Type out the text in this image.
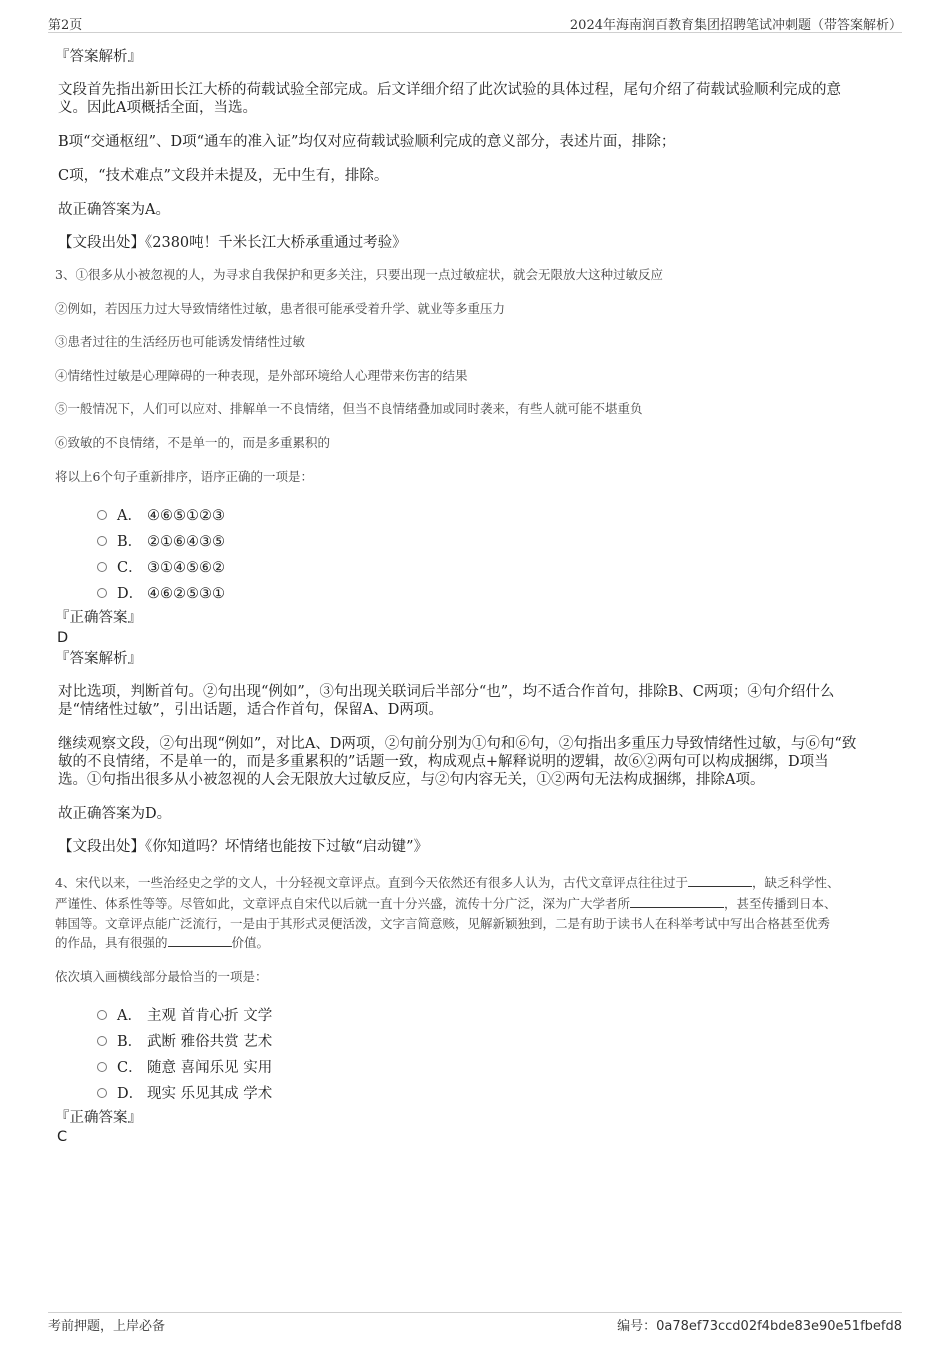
第2页	2024年海南润百教育集团招聘笔试冲刺题（带答案解析）
『答案解析』
文段首先指出新田长江大桥的荷载试验全部完成。后文详细介绍了此次试验的具体过程，尾句介绍了荷载试验顺利完成的意
义。因此A项概括全面，当选。
B项“交通枢纽”、D项“通车的准入证”均仅对应荷载试验顺利完成的意义部分，表述片面，排除；
C项，“技术难点”文段并未提及，无中生有，排除。
故正确答案为A。
【文段出处】《2380吨！千米长江大桥承重通过考验》
3、①很多从小被忽视的人，为寻求自我保护和更多关注，只要出现一点过敏症状，就会无限放大这种过敏反应
②例如，若因压力过大导致情绪性过敏，患者很可能承受着升学、就业等多重压力
③患者过往的生活经历也可能诱发情绪性过敏
④情绪性过敏是心理障碍的一种表现，是外部环境给人心理带来伤害的结果
⑤一般情况下，人们可以应对、排解单一不良情绪，但当不良情绪叠加或同时袭来，有些人就可能不堪重负
⑥致敏的不良情绪，不是单一的，而是多重累积的
将以上6个句子重新排序，语序正确的一项是：
A． ④⑥⑤①②③
B． ②①⑥④③⑤
C． ③①④⑤⑥②
D． ④⑥②⑤③①
『正确答案』
D
『答案解析』
对比选项，判断首句。②句出现“例如”，③句出现关联词后半部分“也”，均不适合作首句，排除B、C两项；④句介绍什么
是“情绪性过敏”，引出话题，适合作首句，保留A、D两项。
继续观察文段，②句出现“例如”，对比A、D两项，②句前分别为①句和⑥句，②句指出多重压力导致情绪性过敏，与⑥句“致
敏的不良情绪，不是单一的，而是多重累积的”话题一致，构成观点+解释说明的逻辑，故⑥②两句可以构成捆绑，D项当
选。①句指出很多从小被忽视的人会无限放大过敏反应，与②句内容无关，①②两句无法构成捆绑，排除A项。
故正确答案为D。
【文段出处】《你知道吗？坏情绪也能按下过敏“启动键”》
4、宋代以来，一些治经史之学的文人，十分轻视文章评点。直到今天依然还有很多人认为，古代文章评点往往过于	，缺乏科学性、
严谨性、体系性等等。尽管如此，文章评点自宋代以后就一直十分兴盛，流传十分广泛，深为广大学者所	，甚至传播到日本、
韩国等。文章评点能广泛流行，一是由于其形式灵便活泼，文字言简意赅，见解新颖独到，二是有助于读书人在科举考试中写出合格甚至优秀
的作品，具有很强的	价值。
依次填入画横线部分最恰当的一项是：
A． 主观 首肯心折 文学
B． 武断 雅俗共赏 艺术
C． 随意 喜闻乐见 实用
D． 现实 乐见其成 学术
『正确答案』
C
考前押题，上岸必备	编号：0a78ef73ccd02f4bde83e90e51fbefd8
